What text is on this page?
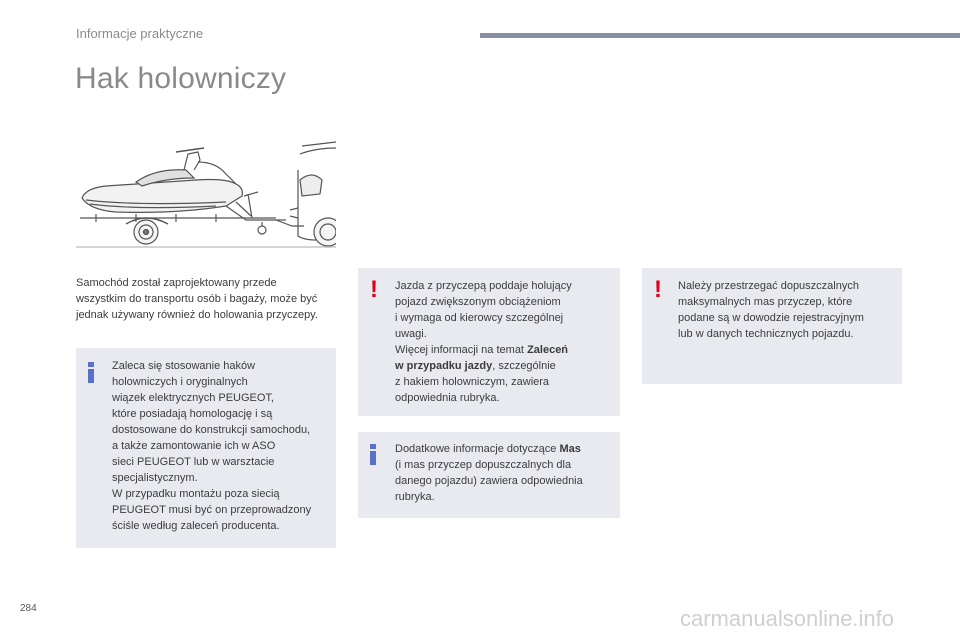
Informacje praktyczne
Hak holowniczy
Samochód został zaprojektowany przede wszystkim do transportu osób i bagaży, może być jednak używany również do holowania przyczepy.
Zaleca się stosowanie haków
holowniczych i oryginalnych
wiązek elektrycznych PEUGEOT,
które posiadają homologację i są
dostosowane do konstrukcji samochodu,
a także zamontowanie ich w ASO
sieci PEUGEOT lub w warsztacie
specjalistycznym.
W przypadku montażu poza siecią
PEUGEOT musi być on przeprowadzony
ściśle według zaleceń producenta.
! Jazda z przyczepą poddaje holujący
pojazd zwiększonym obciążeniom
i wymaga od kierowcy szczególnej
uwagi.
Więcej informacji na temat Zaleceń
w przypadku jazdy, szczególnie
z hakiem holowniczym, zawiera
odpowiednia rubryka.
Dodatkowe informacje dotyczące Mas
(i mas przyczep dopuszczalnych dla
danego pojazdu) zawiera odpowiednia
rubryka.
! Należy przestrzegać dopuszczalnych
maksymalnych mas przyczep, które
podane są w dowodzie rejestracyjnym
lub w danych technicznych pojazdu.
284	carmanualsonline.info
